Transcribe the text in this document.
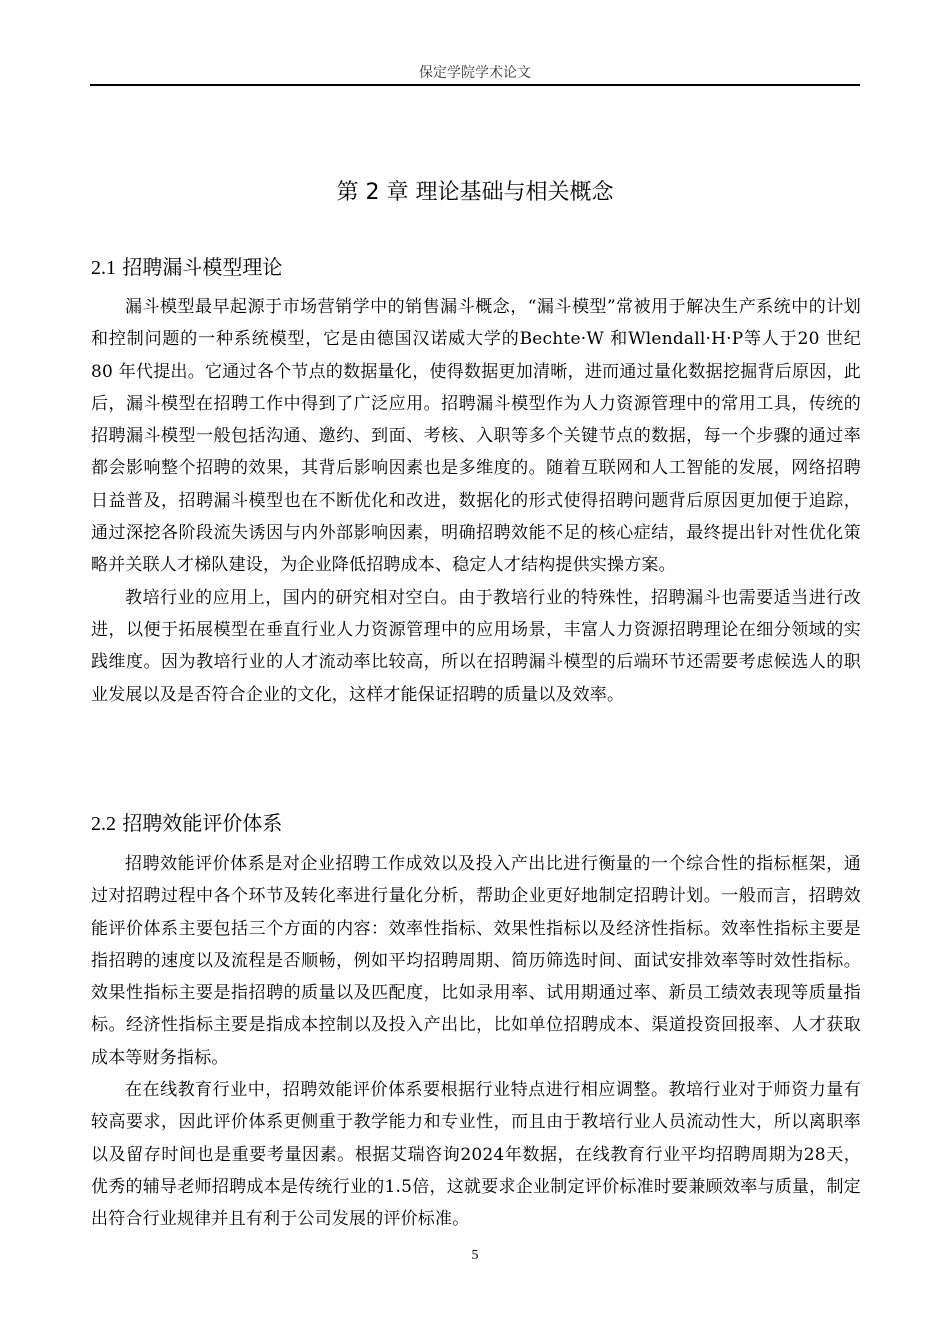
保定学院学术论文
第 2 章 理论基础与相关概念
2.1 招聘漏斗模型理论

漏斗模型最早起源于市场营销学中的销售漏斗概念，“漏斗模型”常被用于解决生产系统中的计划和控制问题的一种系统模型，它是由德国汉诺威大学的Bechte·W 和Wlendall·H·P等人于20 世纪80 年代提出。它通过各个节点的数据量化，使得数据更加清晰，进而通过量化数据挖掘背后原因，此后，漏斗模型在招聘工作中得到了广泛应用。招聘漏斗模型作为人力资源管理中的常用工具，传统的招聘漏斗模型一般包括沟通、邀约、到面、考核、入职等多个关键节点的数据，每一个步骤的通过率都会影响整个招聘的效果，其背后影响因素也是多维度的。随着互联网和人工智能的发展，网络招聘日益普及，招聘漏斗模型也在不断优化和改进，数据化的形式使得招聘问题背后原因更加便于追踪，通过深挖各阶段流失诱因与内外部影响因素，明确招聘效能不足的核心症结，最终提出针对性优化策略并关联人才梯队建设，为企业降低招聘成本、稳定人才结构提供实操方案。

教培行业的应用上，国内的研究相对空白。由于教培行业的特殊性，招聘漏斗也需要适当进行改进，以便于拓展模型在垂直行业人力资源管理中的应用场景，丰富人力资源招聘理论在细分领域的实践维度。因为教培行业的人才流动率比较高，所以在招聘漏斗模型的后端环节还需要考虑候选人的职业发展以及是否符合企业的文化，这样才能保证招聘的质量以及效率。

2.2 招聘效能评价体系

招聘效能评价体系是对企业招聘工作成效以及投入产出比进行衡量的一个综合性的指标框架，通过对招聘过程中各个环节及转化率进行量化分析，帮助企业更好地制定招聘计划。一般而言，招聘效能评价体系主要包括三个方面的内容：效率性指标、效果性指标以及经济性指标。效率性指标主要是指招聘的速度以及流程是否顺畅，例如平均招聘周期、简历筛选时间、面试安排效率等时效性指标。效果性指标主要是指招聘的质量以及匹配度，比如录用率、试用期通过率、新员工绩效表现等质量指标。经济性指标主要是指成本控制以及投入产出比，比如单位招聘成本、渠道投资回报率、人才获取成本等财务指标。

在在线教育行业中，招聘效能评价体系要根据行业特点进行相应调整。教培行业对于师资力量有较高要求，因此评价体系更侧重于教学能力和专业性，而且由于教培行业人员流动性大，所以离职率以及留存时间也是重要考量因素。根据艾瑞咨询2024年数据，在线教育行业平均招聘周期为28天，优秀的辅导老师招聘成本是传统行业的1.5倍，这就要求企业制定评价标准时要兼顾效率与质量，制定出符合行业规律并且有利于公司发展的评价标准。

5
